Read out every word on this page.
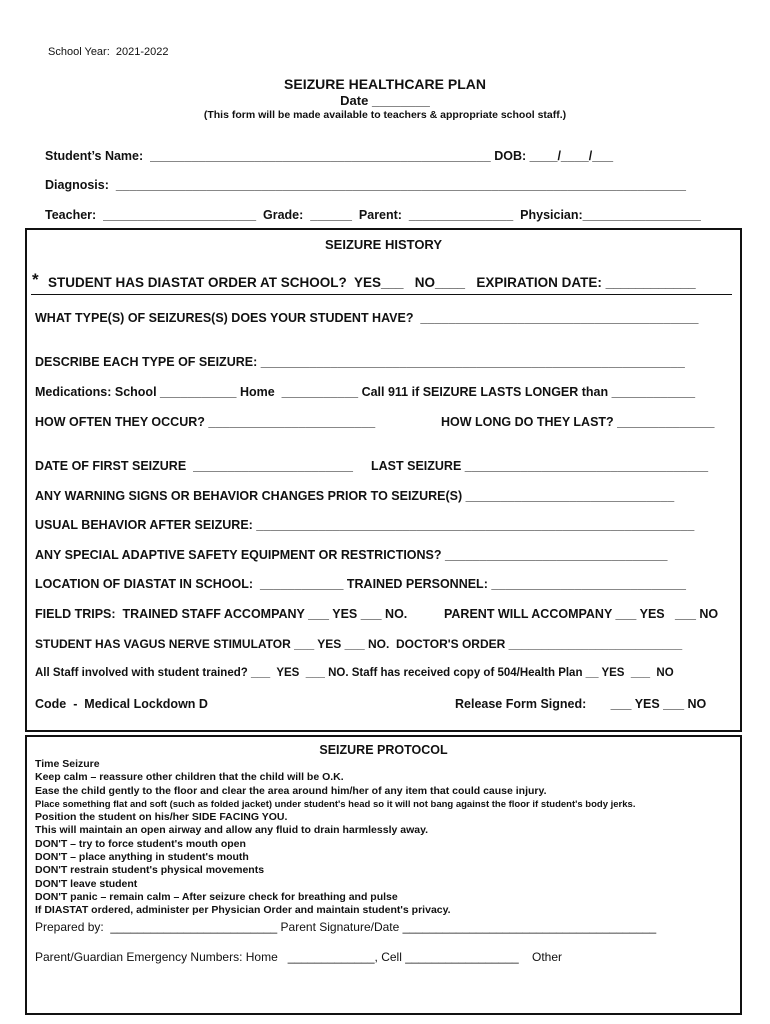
School Year:  2021-2022
SEIZURE HEALTHCARE PLAN
Date ________
(This form will be made available to teachers & appropriate school staff.)
Student’s Name:  _________________________________________________ DOB: ____/____/___
Diagnosis:  __________________________________________________________________________________
Teacher:  ______________________  Grade:  ______  Parent:  _______________  Physician:_________________
SEIZURE HISTORY
* STUDENT HAS DIASTAT ORDER AT SCHOOL?  YES___   NO____   EXPIRATION DATE: ____________
WHAT TYPE(S) OF SEIZURES(S) DOES YOUR STUDENT HAVE?  ________________________________________
DESCRIBE EACH TYPE OF SEIZURE: _____________________________________________________________
Medications: School ___________ Home  ___________ Call 911 if SEIZURE LASTS LONGER than ____________
HOW OFTEN THEY OCCUR? ________________________	HOW LONG DO THEY LAST? ______________
DATE OF FIRST SEIZURE  _______________________ LAST SEIZURE ___________________________________
ANY WARNING SIGNS OR BEHAVIOR CHANGES PRIOR TO SEIZURE(S) ______________________________
USUAL BEHAVIOR AFTER SEIZURE: _______________________________________________________________
ANY SPECIAL ADAPTIVE SAFETY EQUIPMENT OR RESTRICTIONS? ________________________________
LOCATION OF DIASTAT IN SCHOOL:  ____________ TRAINED PERSONNEL: ____________________________
FIELD TRIPS:  TRAINED STAFF ACCOMPANY ___ YES ___ NO.	PARENT WILL ACCOMPANY ___ YES   ___ NO
STUDENT HAS VAGUS NERVE STIMULATOR ___ YES ___ NO.  DOCTOR'S ORDER __________________________
All Staff involved with student trained? ___  YES  ___ NO. Staff has received copy of 504/Health Plan __ YES  ___  NO
Code  -  Medical Lockdown D	Release Form Signed:       ___ YES ___ NO
SEIZURE PROTOCOL
Time Seizure
Keep calm – reassure other children that the child will be O.K.
Ease the child gently to the floor and clear the area around him/her of any item that could cause injury.
Place something flat and soft (such as folded jacket) under student's head so it will not bang against the floor if student's body jerks.
Position the student on his/her SIDE FACING YOU.
This will maintain an open airway and allow any fluid to drain harmlessly away.
DON'T – try to force student's mouth open
DON'T – place anything in student's mouth
DON'T restrain student's physical movements
DON'T leave student
DON'T panic – remain calm – After seizure check for breathing and pulse
If DIASTAT ordered, administer per Physician Order and maintain student's privacy.
Prepared by:  _________________________ Parent Signature/Date ______________________________________
Parent/Guardian Emergency Numbers: Home   _____________, Cell _________________    Other
